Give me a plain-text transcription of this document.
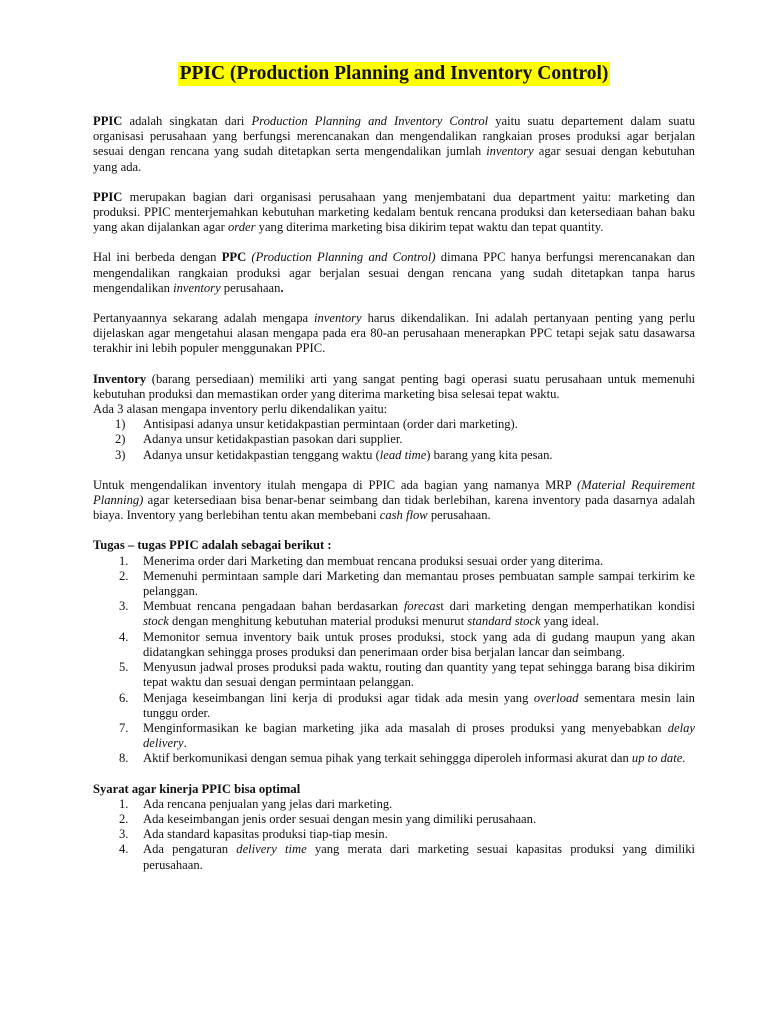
PPIC (Production Planning and Inventory Control)

PPIC adalah singkatan dari Production Planning and Inventory Control yaitu suatu departement dalam suatu organisasi perusahaan yang berfungsi merencanakan dan mengendalikan rangkaian proses produksi agar berjalan sesuai dengan rencana yang sudah ditetapkan serta mengendalikan jumlah inventory agar sesuai dengan kebutuhan yang ada.

PPIC merupakan bagian dari organisasi perusahaan yang menjembatani dua department yaitu: marketing dan produksi. PPIC menterjemahkan kebutuhan marketing kedalam bentuk rencana produksi dan ketersediaan bahan baku yang akan dijalankan agar order yang diterima marketing bisa dikirim tepat waktu dan tepat quantity.

Hal ini berbeda dengan PPC (Production Planning and Control) dimana PPC hanya berfungsi merencanakan dan mengendalikan rangkaian produksi agar berjalan sesuai dengan rencana yang sudah ditetapkan tanpa harus mengendalikan inventory perusahaan.

Pertanyaannya sekarang adalah mengapa inventory harus dikendalikan. Ini adalah pertanyaan penting yang perlu dijelaskan agar mengetahui alasan mengapa pada era 80-an perusahaan menerapkan PPC tetapi sejak satu dasawarsa terakhir ini lebih populer menggunakan PPIC.

Inventory (barang persediaan) memiliki arti yang sangat penting bagi operasi suatu perusahaan untuk memenuhi kebutuhan produksi dan memastikan order yang diterima marketing bisa selesai tepat waktu.

Ada 3 alasan mengapa inventory perlu dikendalikan yaitu:

1) Antisipasi adanya unsur ketidakpastian permintaan (order dari marketing).
2) Adanya unsur ketidakpastian pasokan dari supplier.
3) Adanya unsur ketidakpastian tenggang waktu (lead time) barang yang kita pesan.

Untuk mengendalikan inventory itulah mengapa di PPIC ada bagian yang namanya MRP (Material Requirement Planning) agar ketersediaan bisa benar-benar seimbang dan tidak berlebihan, karena inventory pada dasarnya adalah biaya. Inventory yang berlebihan tentu akan membebani cash flow perusahaan.

Tugas – tugas PPIC adalah sebagai berikut :

1. Menerima order dari Marketing dan membuat rencana produksi sesuai order yang diterima.
2. Memenuhi permintaan sample dari Marketing dan memantau proses pembuatan sample sampai terkirim ke pelanggan.
3. Membuat rencana pengadaan bahan berdasarkan forecast dari marketing dengan memperhatikan kondisi stock dengan menghitung kebutuhan material produksi menurut standard stock yang ideal.
4. Memonitor semua inventory baik untuk proses produksi, stock yang ada di gudang maupun yang akan didatangkan sehingga proses produksi dan penerimaan order bisa berjalan lancar dan seimbang.
5. Menyusun jadwal proses produksi pada waktu, routing dan quantity yang tepat sehingga barang bisa dikirim tepat waktu dan sesuai dengan permintaan pelanggan.
6. Menjaga keseimbangan lini kerja di produksi agar tidak ada mesin yang overload sementara mesin lain tunggu order.
7. Menginformasikan ke bagian marketing jika ada masalah di proses produksi yang menyebabkan delay delivery.
8. Aktif berkomunikasi dengan semua pihak yang terkait sehinggga diperoleh informasi akurat dan up to date.

Syarat agar kinerja PPIC bisa optimal

1. Ada rencana penjualan yang jelas dari marketing.
2. Ada keseimbangan jenis order sesuai dengan mesin yang dimiliki perusahaan.
3. Ada standard kapasitas produksi tiap-tiap mesin.
4. Ada pengaturan delivery time yang merata dari marketing sesuai kapasitas produksi yang dimiliki perusahaan.
